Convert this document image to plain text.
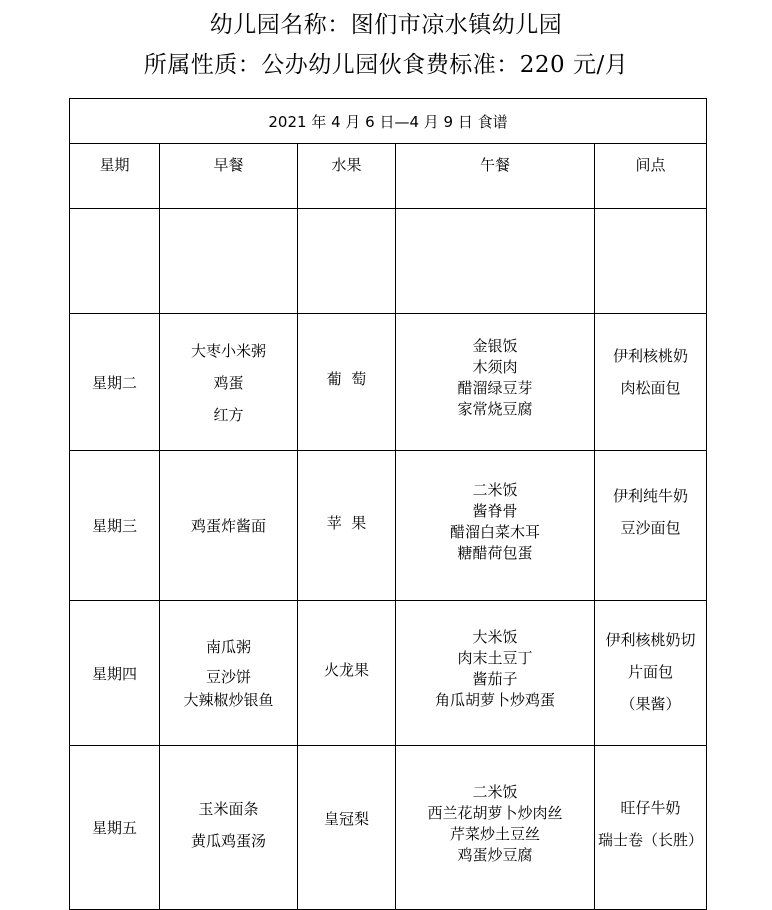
幼儿园名称：图们市凉水镇幼儿园
所属性质：公办幼儿园伙食费标准：220 元/月
2021 年 4 月 6 日—4 月 9 日 食谱				
星期	早餐	水果	午餐	间点

星期二	大枣小米粥
鸡蛋
红方	葡  萄	金银饭
木须肉
醋溜绿豆芽
家常烧豆腐	伊利核桃奶
肉松面包

星期三	鸡蛋炸酱面	苹  果	二米饭
酱脊骨
醋溜白菜木耳
糖醋荷包蛋	伊利纯牛奶
豆沙面包

星期四	南瓜粥
豆沙饼
大辣椒炒银鱼	火龙果	大米饭
肉末土豆丁
酱茄子
角瓜胡萝卜炒鸡蛋	伊利核桃奶切
片面包
（果酱）

星期五	玉米面条
黄瓜鸡蛋汤	皇冠梨	二米饭
西兰花胡萝卜炒肉丝
芹菜炒土豆丝
鸡蛋炒豆腐	旺仔牛奶
瑞士卷（长胜）
